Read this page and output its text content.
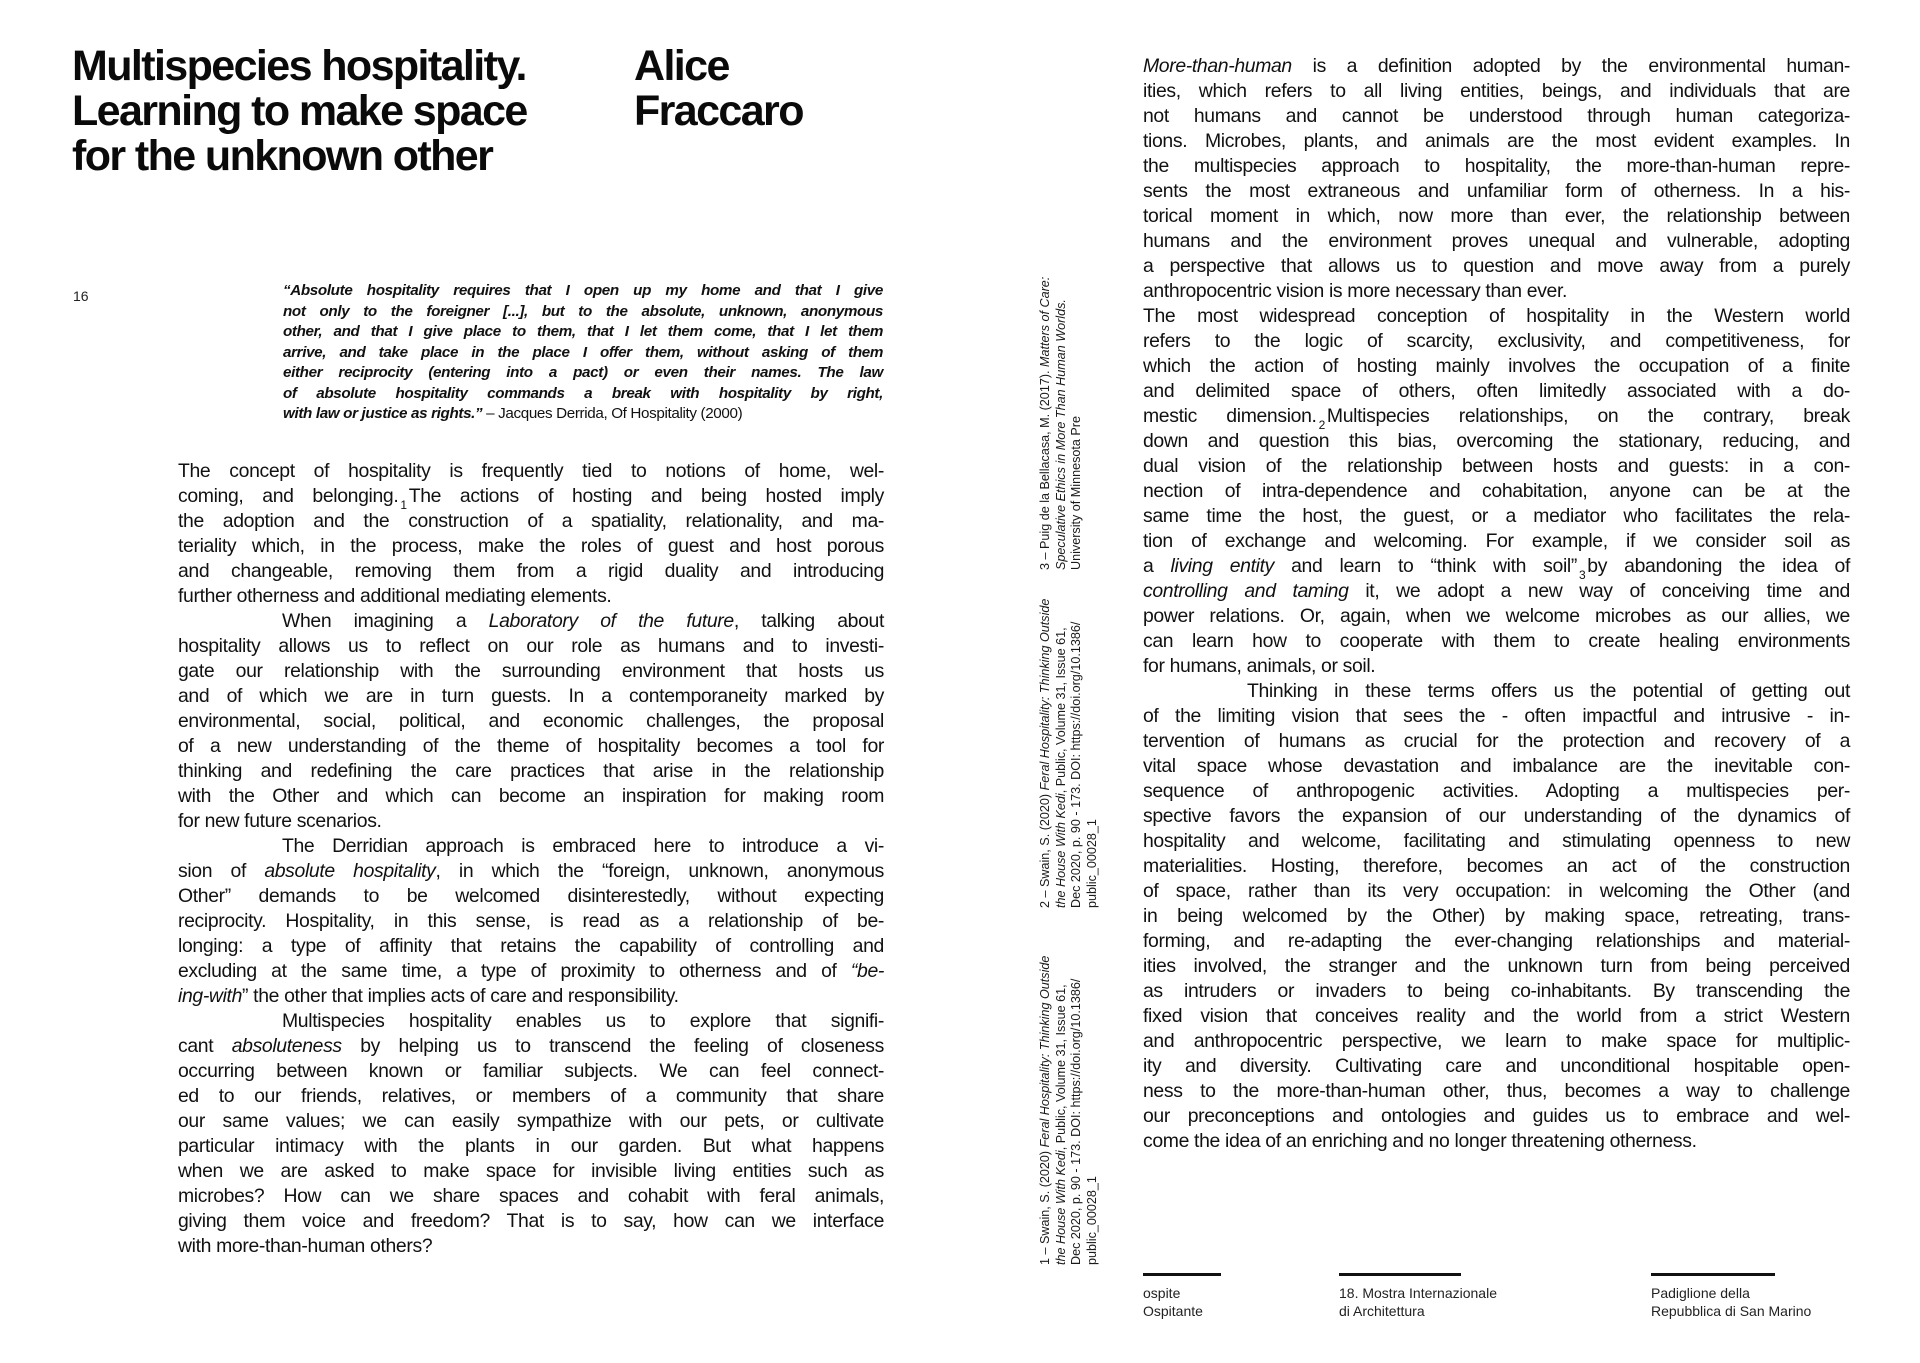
Multispecies hospitality.
Learning to make space
for the unknown other
Alice
Fraccaro
16	“Absolute hospitality requires that I open up my home and that I give
not only to the foreigner [...], but to the absolute, unknown, anonymous
other, and that I give place to them, that I let them come, that I let them
arrive, and take place in the place I offer them, without asking of them
either reciprocity (entering into a pact) or even their names. The law
of absolute hospitality commands a break with hospitality by right,
with law or justice as rights.” – Jacques Derrida, Of Hospitality (2000)
The concept of hospitality is frequently tied to notions of home, wel-
coming, and belonging. $_1$ The actions of hosting and being hosted imply
the adoption and the construction of a spatiality, relationality, and ma-
teriality which, in the process, make the roles of guest and host porous
and changeable, removing them from a rigid duality and introducing
further otherness and additional mediating elements.
When imagining a Laboratory of the future, talking about
hospitality allows us to reflect on our role as humans and to investi-
gate our relationship with the surrounding environment that hosts us
and of which we are in turn guests. In a contemporaneity marked by
environmental, social, political, and economic challenges, the proposal
of a new understanding of the theme of hospitality becomes a tool for
thinking and redefining the care practices that arise in the relationship
with the Other and which can become an inspiration for making room
for new future scenarios.
The Derridian approach is embraced here to introduce a vi-
sion of absolute hospitality, in which the “foreign, unknown, anonymous
Other” demands to be welcomed disinterestedly, without expecting
reciprocity. Hospitality, in this sense, is read as a relationship of be-
longing: a type of affinity that retains the capability of controlling and
excluding at the same time, a type of proximity to otherness and of “be-
ing-with” the other that implies acts of care and responsibility.
Multispecies hospitality enables us to explore that signifi-
cant absoluteness by helping us to transcend the feeling of closeness
occurring between known or familiar subjects. We can feel connect-
ed to our friends, relatives, or members of a community that share
our same values; we can easily sympathize with our pets, or cultivate
particular intimacy with the plants in our garden. But what happens
when we are asked to make space for invisible living entities such as
microbes? How can we share spaces and cohabit with feral animals,
giving them voice and freedom? That is to say, how can we interface
with more-than-human others?	1 – Swain, S. (2020) Feral Hospitality: Thinking Outside
the House With Kedi, Public, Volume 31, Issue 61, Dec 2020, p. 90 - 173. DOI: https://doi.org/10.1386/ public_00028_1
2 – Swain, S. (2020) Feral Hospitality: Thinking Outside
the House With Kedi, Public, Volume 31, Issue 61, Dec 2020, p. 90 - 173. DOI: https://doi.org/10.1386/ public_00028_1
3 – Puig de la Bellacasa, M. (2017). Matters of Care: Speculative Ethics in More Than Human Worlds. University of Minnesota Pre
More-than-human is a definition adopted by the environmental human-
ities, which refers to all living entities, beings, and individuals that are
not humans and cannot be understood through human categoriza-
tions. Microbes, plants, and animals are the most evident examples. In
the multispecies approach to hospitality, the more-than-human repre-
sents the most extraneous and unfamiliar form of otherness. In a his-
torical moment in which, now more than ever, the relationship between
humans and the environment proves unequal and vulnerable, adopting
a perspective that allows us to question and move away from a purely
anthropocentric vision is more necessary than ever.
The most widespread conception of hospitality in the Western world
refers to the logic of scarcity, exclusivity, and competitiveness, for
which the action of hosting mainly involves the occupation of a finite
and delimited space of others, often limitedly associated with a do-
mestic dimension. $_2$ Multispecies relationships, on the contrary, break
down and question this bias, overcoming the stationary, reducing, and
dual vision of the relationship between hosts and guests: in a con-
nection of intra-dependence and cohabitation, anyone can be at the
same time the host, the guest, or a mediator who facilitates the rela-
tion of exchange and welcoming. For example, if we consider soil as
a living entity and learn to “think with soil” $_3$ by abandoning the idea of
controlling and taming it, we adopt a new way of conceiving time and
power relations. Or, again, when we welcome microbes as our allies, we
can learn how to cooperate with them to create healing environments
for humans, animals, or soil.
Thinking in these terms offers us the potential of getting out
of the limiting vision that sees the - often impactful and intrusive - in-
tervention of humans as crucial for the protection and recovery of a
vital space whose devastation and imbalance are the inevitable con-
sequence of anthropogenic activities. Adopting a multispecies per-
spective favors the expansion of our understanding of the dynamics of
hospitality and welcome, facilitating and stimulating openness to new
materialities. Hosting, therefore, becomes an act of the construction
of space, rather than its very occupation: in welcoming the Other (and
in being welcomed by the Other) by making space, retreating, trans-
forming, and re-adapting the ever-changing relationships and material-
ities involved, the stranger and the unknown turn from being perceived
as intruders or invaders to being co-inhabitants. By transcending the
fixed vision that conceives reality and the world from a strict Western
and anthropocentric perspective, we learn to make space for multiplic-
ity and diversity. Cultivating care and unconditional hospitable open-
ness to the more-than-human other, thus, becomes a way to challenge
our preconceptions and ontologies and guides us to embrace and wel-
come the idea of an enriching and no longer threatening otherness.
ospite
Ospitante
18. Mostra Internazionale
di Architettura
Padiglione della
Repubblica di San Marino
